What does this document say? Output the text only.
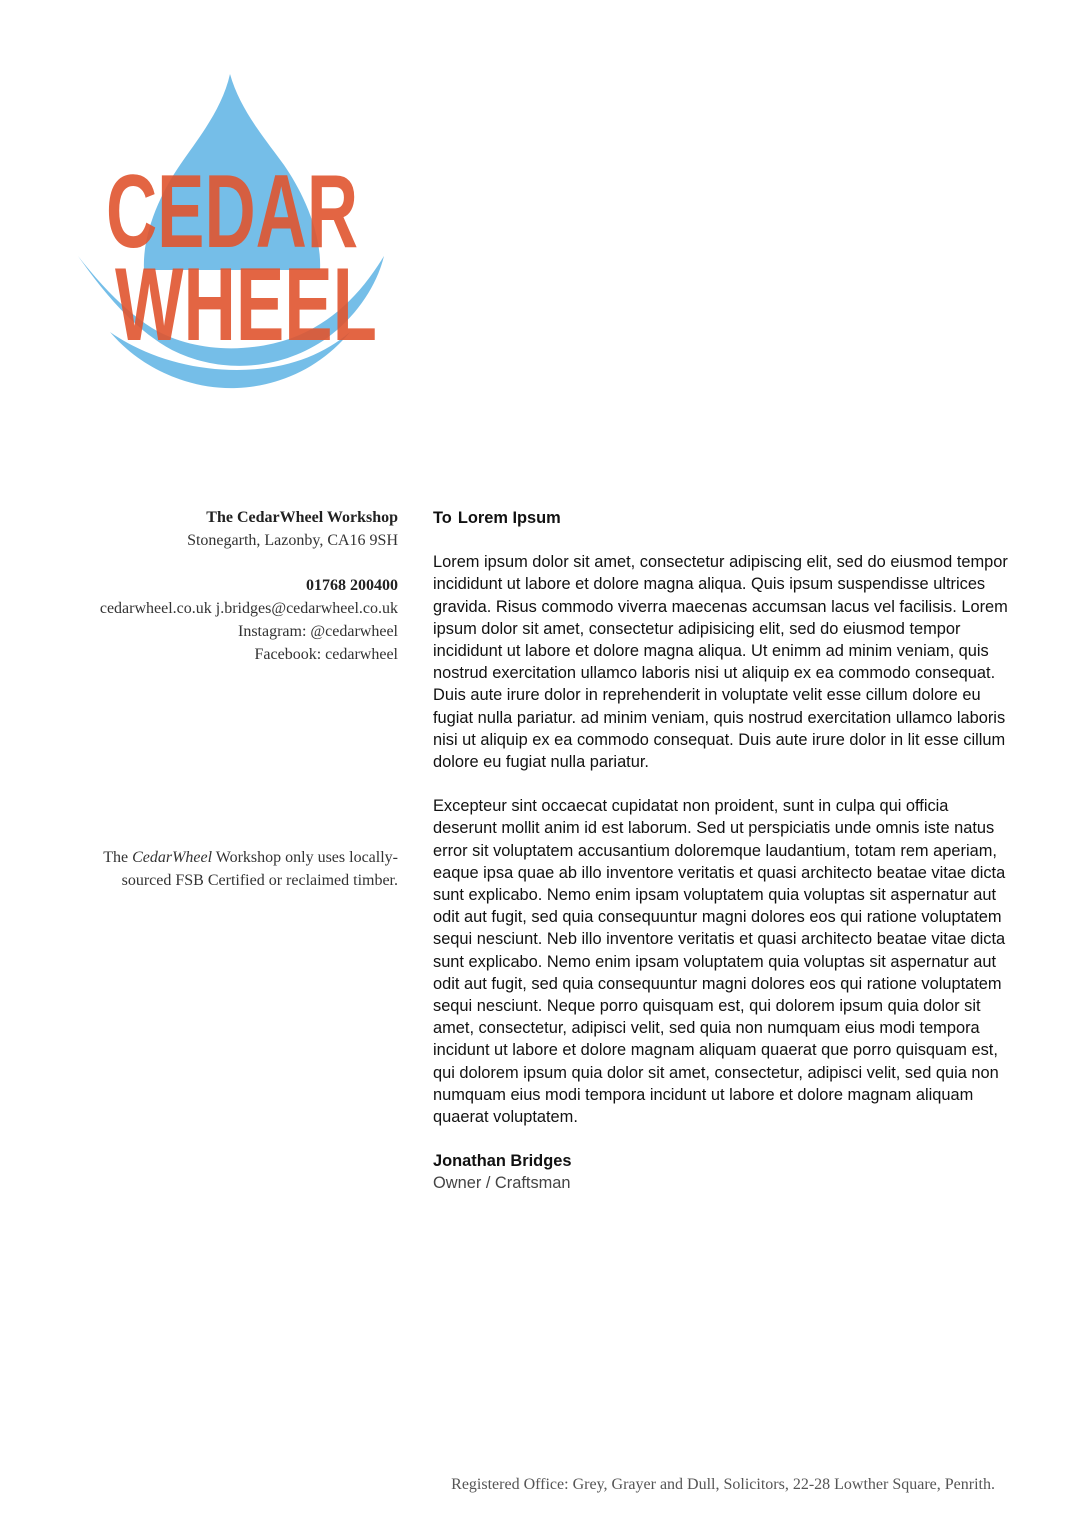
CEDAR
WHEEL
The CedarWheel Workshop
Stonegarth, Lazonby, CA16 9SH
01768 200400
cedarwheel.co.uk j.bridges@cedarwheel.co.uk
Instagram: @cedarwheel
Facebook: cedarwheel
The CedarWheel Workshop only uses locally-sourced FSB Certified or reclaimed timber.
To Lorem Ipsum

Lorem ipsum dolor sit amet, consectetur adipiscing elit, sed do eiusmod tempor incididunt ut labore et dolore magna aliqua. Quis ipsum suspendisse ultrices gravida. Risus commodo viverra maecenas accumsan lacus vel facilisis. Lorem ipsum dolor sit amet, consectetur adipisicing elit, sed do eiusmod tempor incididunt ut labore et dolore magna aliqua. Ut enimm ad minim veniam, quis nostrud exercitation ullamco laboris nisi ut aliquip ex ea commodo consequat. Duis aute irure dolor in reprehenderit in voluptate velit esse cillum dolore eu fugiat nulla pariatur. ad minim veniam, quis nostrud exercitation ullamco laboris nisi ut aliquip ex ea commodo consequat. Duis aute irure dolor in lit esse cillum dolore eu fugiat nulla pariatur.

Excepteur sint occaecat cupidatat non proident, sunt in culpa qui officia deserunt mollit anim id est laborum. Sed ut perspiciatis unde omnis iste natus error sit voluptatem accusantium doloremque laudantium, totam rem aperiam, eaque ipsa quae ab illo inventore veritatis et quasi architecto beatae vitae dicta sunt explicabo. Nemo enim ipsam voluptatem quia voluptas sit aspernatur aut odit aut fugit, sed quia consequuntur magni dolores eos qui ratione voluptatem sequi nesciunt. Neb illo inventore veritatis et quasi architecto beatae vitae dicta sunt explicabo. Nemo enim ipsam voluptatem quia voluptas sit aspernatur aut odit aut fugit, sed quia consequuntur magni dolores eos qui ratione voluptatem sequi nesciunt. Neque porro quisquam est, qui dolorem ipsum quia dolor sit amet, consectetur, adipisci velit, sed quia non numquam eius modi tempora incidunt ut labore et dolore magnam aliquam quaerat que porro quisquam est, qui dolorem ipsum quia dolor sit amet, consectetur, adipisci velit, sed quia non numquam eius modi tempora incidunt ut labore et dolore magnam aliquam quaerat voluptatem.

Jonathan Bridges
Owner / Craftsman
Registered Office: Grey, Grayer and Dull, Solicitors, 22-28 Lowther Square, Penrith.
